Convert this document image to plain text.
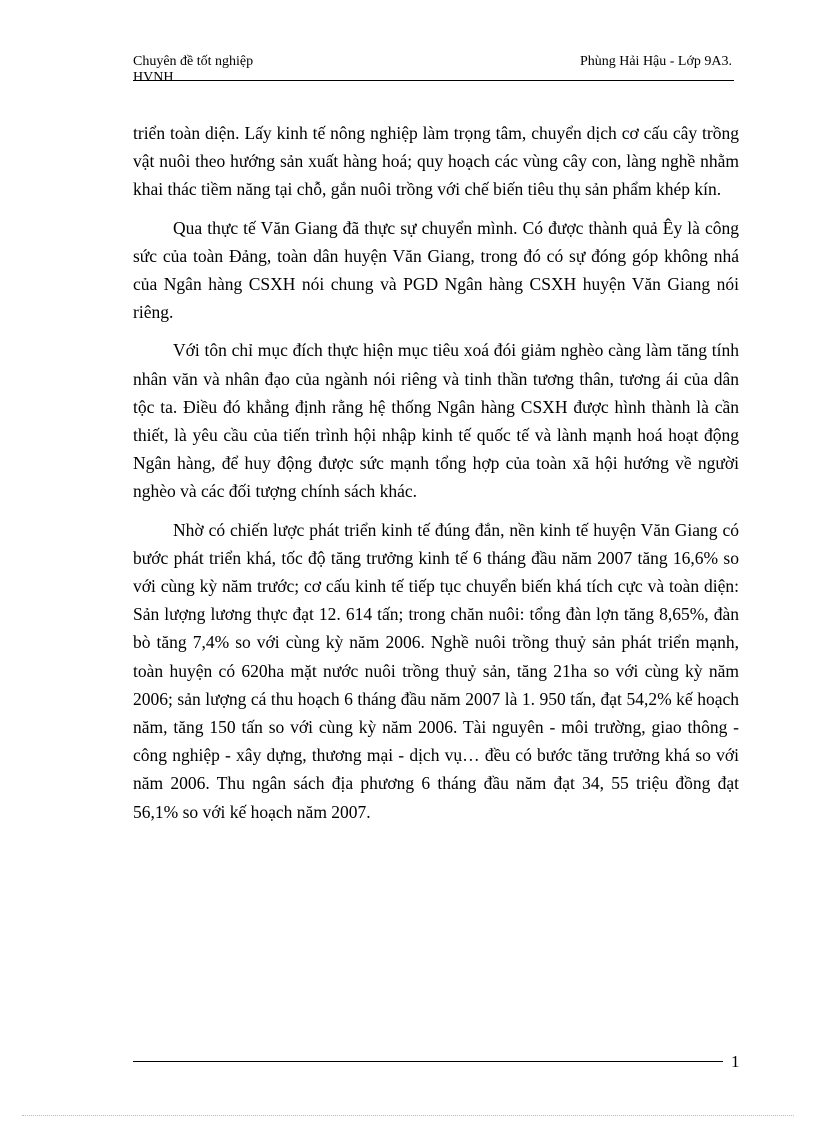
Chuyên đề tốt nghiệp
HVNH
Phùng Hải Hậu - Lớp 9A3.

triển toàn diện. Lấy kinh tế nông nghiệp làm trọng tâm, chuyển dịch cơ cấu cây trồng vật nuôi theo hướng sản xuất hàng hoá; quy hoạch các vùng cây con, làng nghề nhằm khai thác tiềm năng tại chỗ, gắn nuôi trồng với chế biến tiêu thụ sản phẩm khép kín.

Qua thực tế Văn Giang đã thực sự chuyển mình. Có được thành quả Êy là công sức của toàn Đảng, toàn dân huyện Văn Giang, trong đó có sự đóng góp không nhá của Ngân hàng CSXH nói chung và PGD Ngân hàng CSXH huyện Văn Giang nói riêng.

Với tôn chỉ mục đích thực hiện mục tiêu xoá đói giảm nghèo càng làm tăng tính nhân văn và nhân đạo của ngành nói riêng và tinh thần tương thân, tương ái của dân tộc ta. Điều đó khẳng định rằng hệ thống Ngân hàng CSXH được hình thành là cần thiết, là yêu cầu của tiến trình hội nhập kinh tế quốc tế và lành mạnh hoá hoạt động Ngân hàng, để huy động được sức mạnh tổng hợp của toàn xã hội hướng về người nghèo và các đối tượng chính sách khác.

Nhờ có chiến lược phát triển kinh tế đúng đắn, nền kinh tế huyện Văn Giang có bước phát triển khá, tốc độ tăng trưởng kinh tế 6 tháng đầu năm 2007 tăng 16,6% so với cùng kỳ năm trước; cơ cấu kinh tế tiếp tục chuyển biến khá tích cực và toàn diện: Sản lượng lương thực đạt 12. 614 tấn; trong chăn nuôi: tổng đàn lợn tăng 8,65%, đàn bò tăng 7,4% so với cùng kỳ năm 2006. Nghề nuôi trồng thuỷ sản phát triển mạnh, toàn huyện có 620ha mặt nước nuôi trồng thuỷ sản, tăng 21ha so với cùng kỳ năm 2006; sản lượng cá thu hoạch 6 tháng đầu năm 2007 là 1. 950 tấn, đạt 54,2% kế hoạch năm, tăng 150 tấn so với cùng kỳ năm 2006. Tài nguyên - môi trường, giao thông - công nghiệp - xây dựng, thương mại - dịch vụ… đều có bước tăng trưởng khá so với năm 2006. Thu ngân sách địa phương 6 tháng đầu năm đạt 34, 55 triệu đồng đạt 56,1% so với kế hoạch năm 2007.

1
